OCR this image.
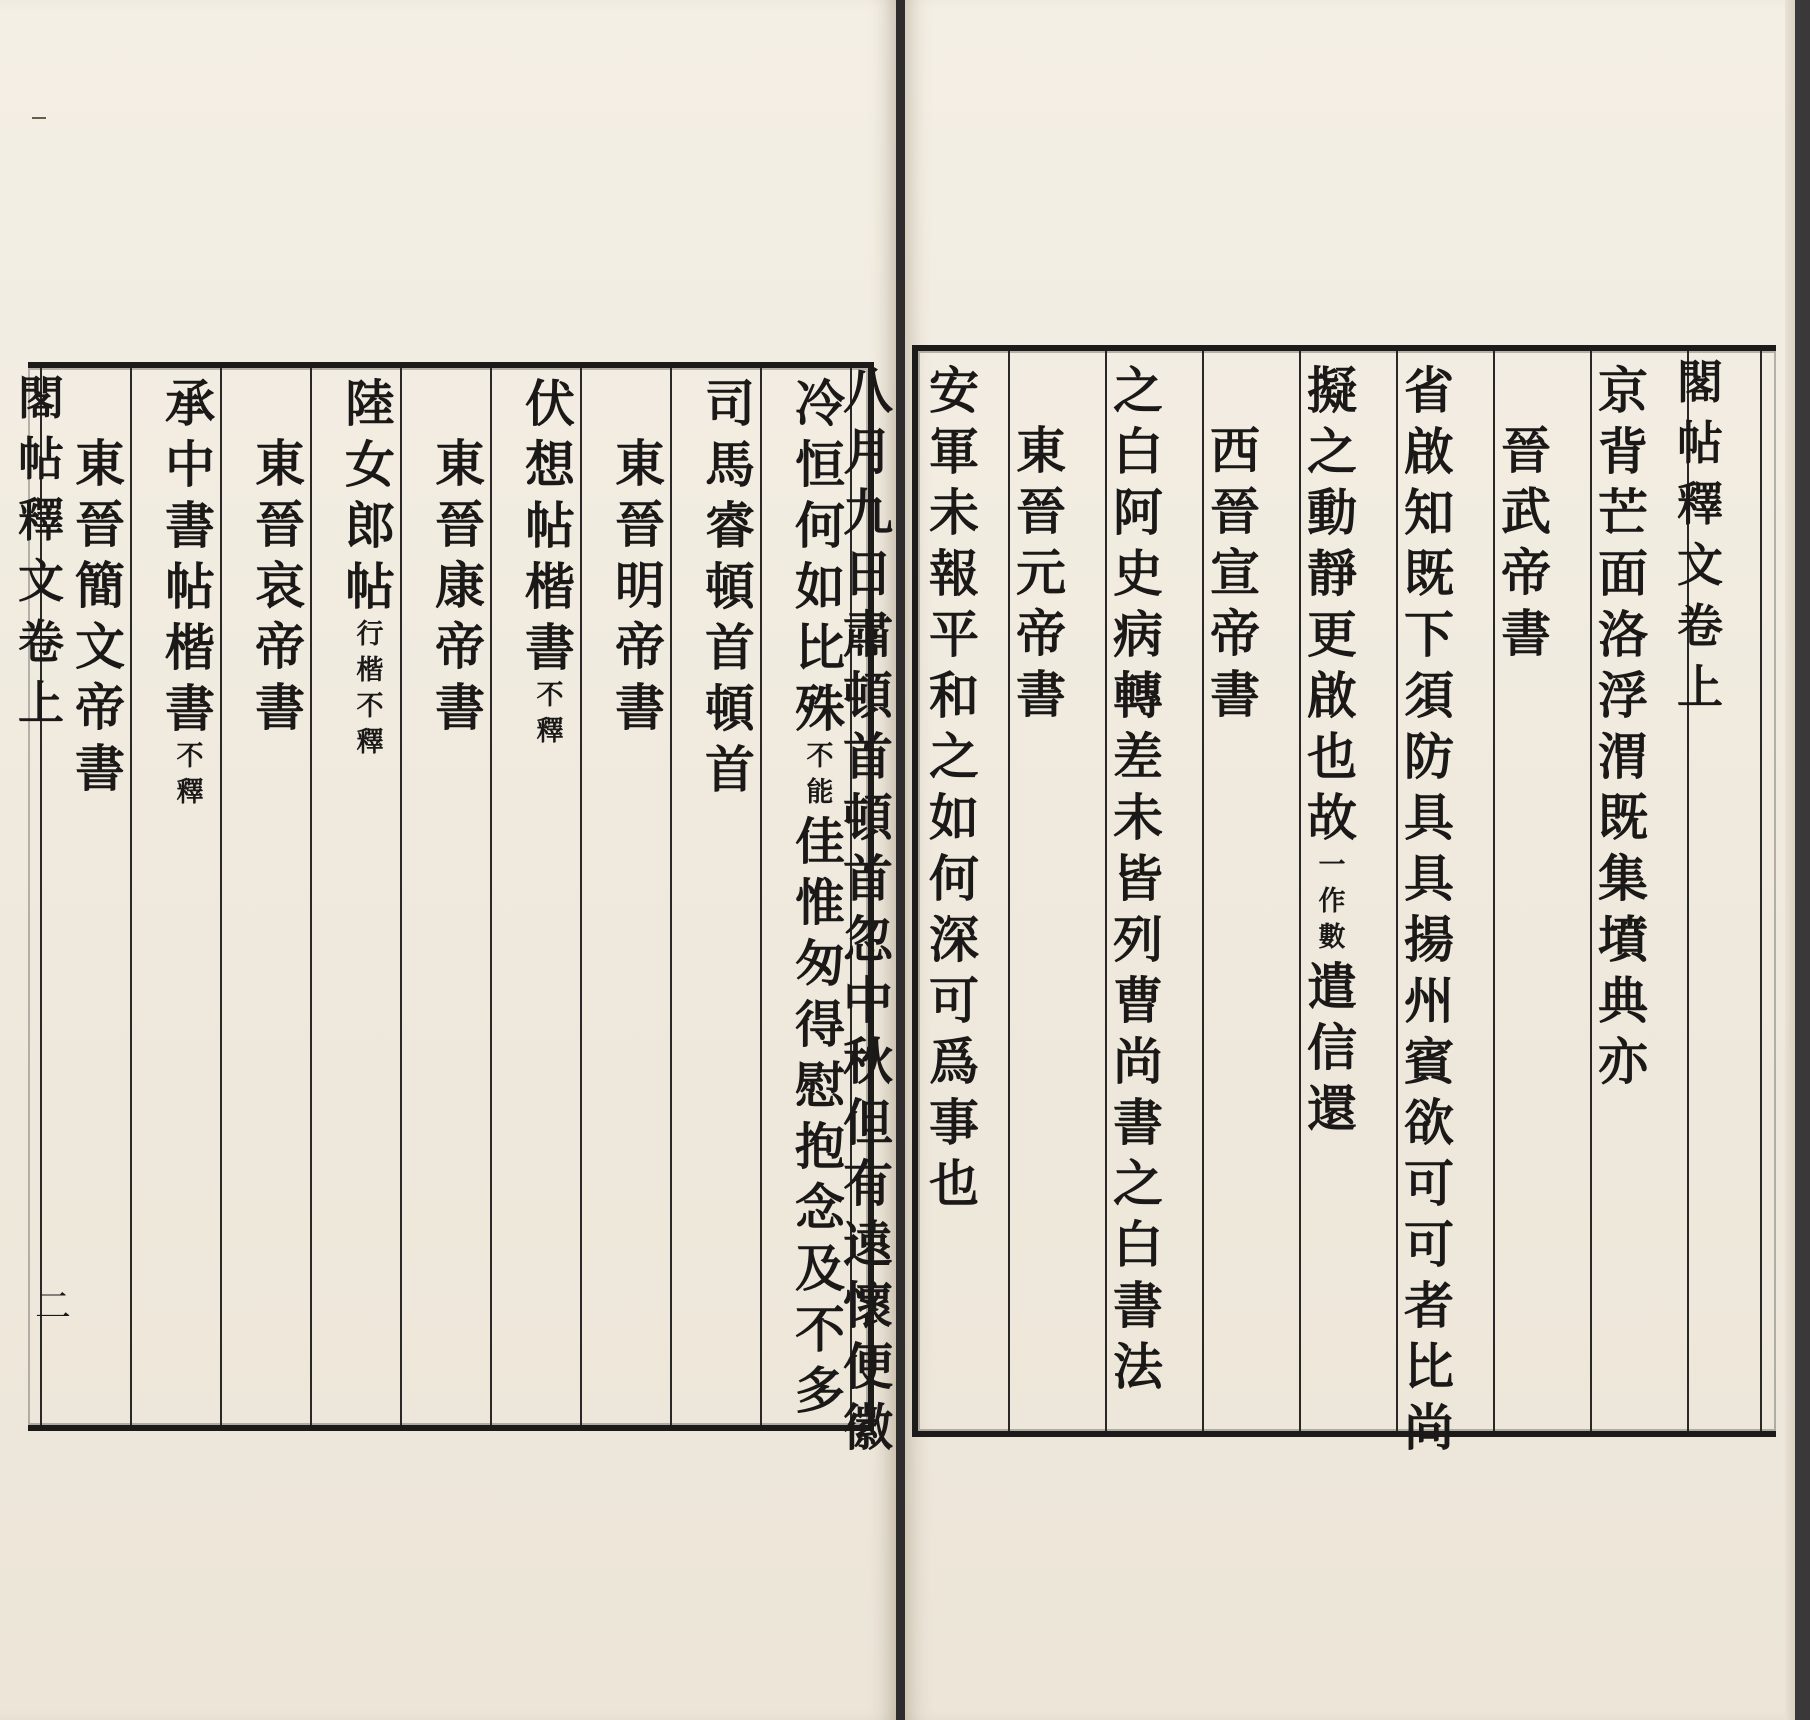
閣
帖
釋
文
卷
上
二
冷
恒
何
如
比
殊
不
能
佳
惟
匆
得
慰
抱
念
及
不
多
司
馬
睿
頓
首
頓
首
東
晉
明
帝
書
伏
想
帖
楷
書
不
釋
東
晉
康
帝
書
陸
女
郎
帖
行
楷
不
釋
東
晉
哀
帝
書
承
中
書
帖
楷
書
不
釋
東
晉
簡
文
帝
書
閣
帖
釋
文
卷
上
京
背
芒
面
洛
浮
渭
既
集
墳
典
亦
晉
武
帝
書
省
啟
知
既
下
須
防
具
具
揚
州
賓
欲
可
可
者
比
尚
擬
之
動
靜
更
啟
也
故
一
作
數
遣
信
還
西
晉
宣
帝
書
之
白
阿
史
病
轉
差
未
皆
列
曹
尚
書
之
白
書
法
東
晉
元
帝
書
安
軍
未
報
平
和
之
如
何
深
可
爲
事
也
八
月
九
日
肅
頓
首
頓
首
忽
中
秋
但
有
遠
懷
便
徽
